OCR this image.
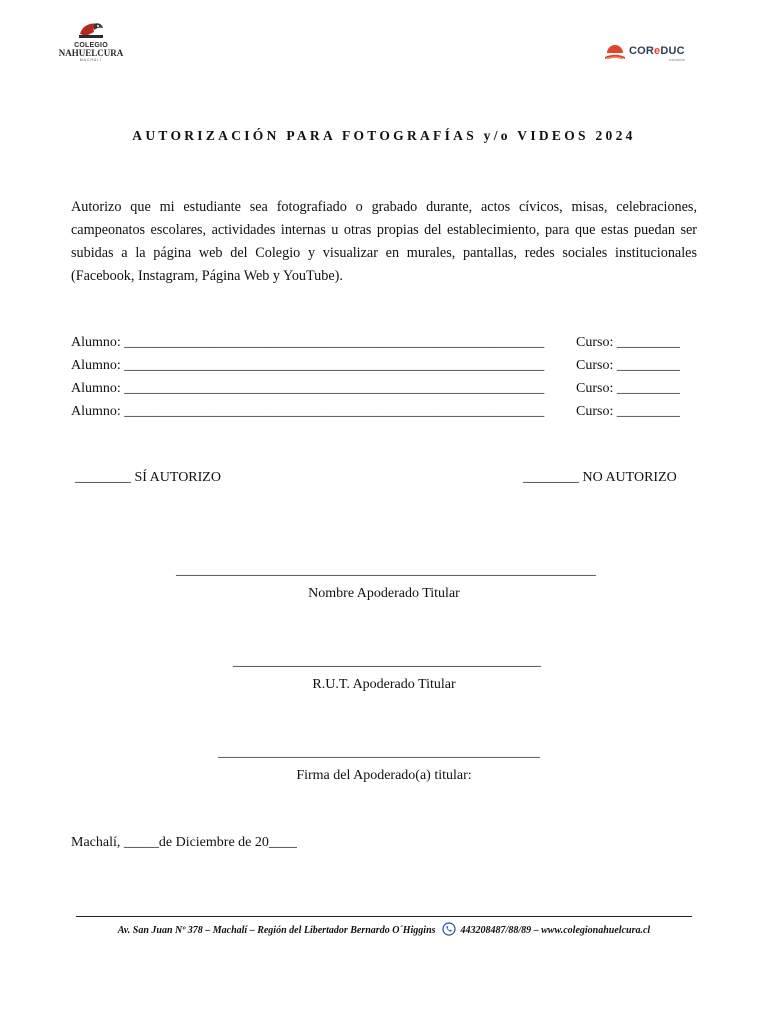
COLEGIO
NAHUELCURA
MACHALÍ
COReDUC
educación
AUTORIZACIÓN PARA FOTOGRAFÍAS y/o VIDEOS 2024
Autorizo que mi estudiante sea fotografiado o grabado durante, actos cívicos, misas, celebraciones, campeonatos escolares, actividades internas u otras propias del establecimiento, para que estas puedan ser subidas a la página web del Colegio y visualizar en murales, pantallas, redes sociales institucionales (Facebook, Instagram, Página Web y YouTube).
Alumno: ____________________________________________________________ Curso: _________
Alumno: ____________________________________________________________ Curso: _________
Alumno: ____________________________________________________________ Curso: _________
Alumno: ____________________________________________________________ Curso: _________
________ SÍ AUTORIZO	________ NO AUTORIZO
____________________________________________________________
Nombre Apoderado Titular
____________________________________________
R.U.T. Apoderado Titular
______________________________________________
Firma del Apoderado(a) titular:
Machalí, _____de Diciembre de 20____
Av. San Juan Nº 378 – Machalí – Región del Libertador Bernardo O´Higgins	443208487/88/89 – www.colegionahuelcura.cl
